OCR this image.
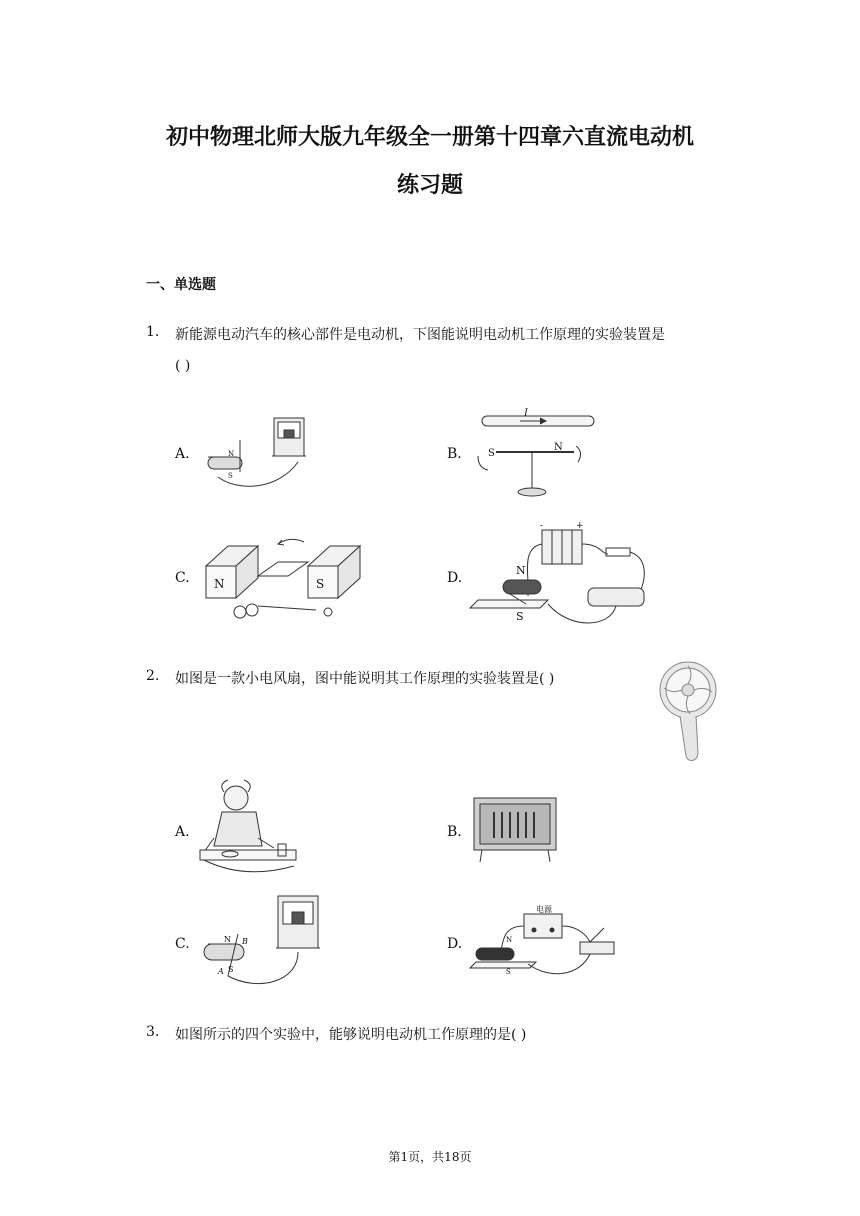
初中物理北师大版九年级全一册第十四章六直流电动机
练习题
一、单选题
1. 新能源电动汽车的核心部件是电动机，下图能说明电动机工作原理的实验装置是
( )
A.	B.
C.	D.
N
S
I
S
N
N	S
-	+
N
S
2. 如图是一款小电风扇，图中能说明其工作原理的实验装置是( )
A.	B.
C.	D.
N B
A S
电源
N
S
3. 如图所示的四个实验中，能够说明电动机工作原理的是( )
第1页，共18页
